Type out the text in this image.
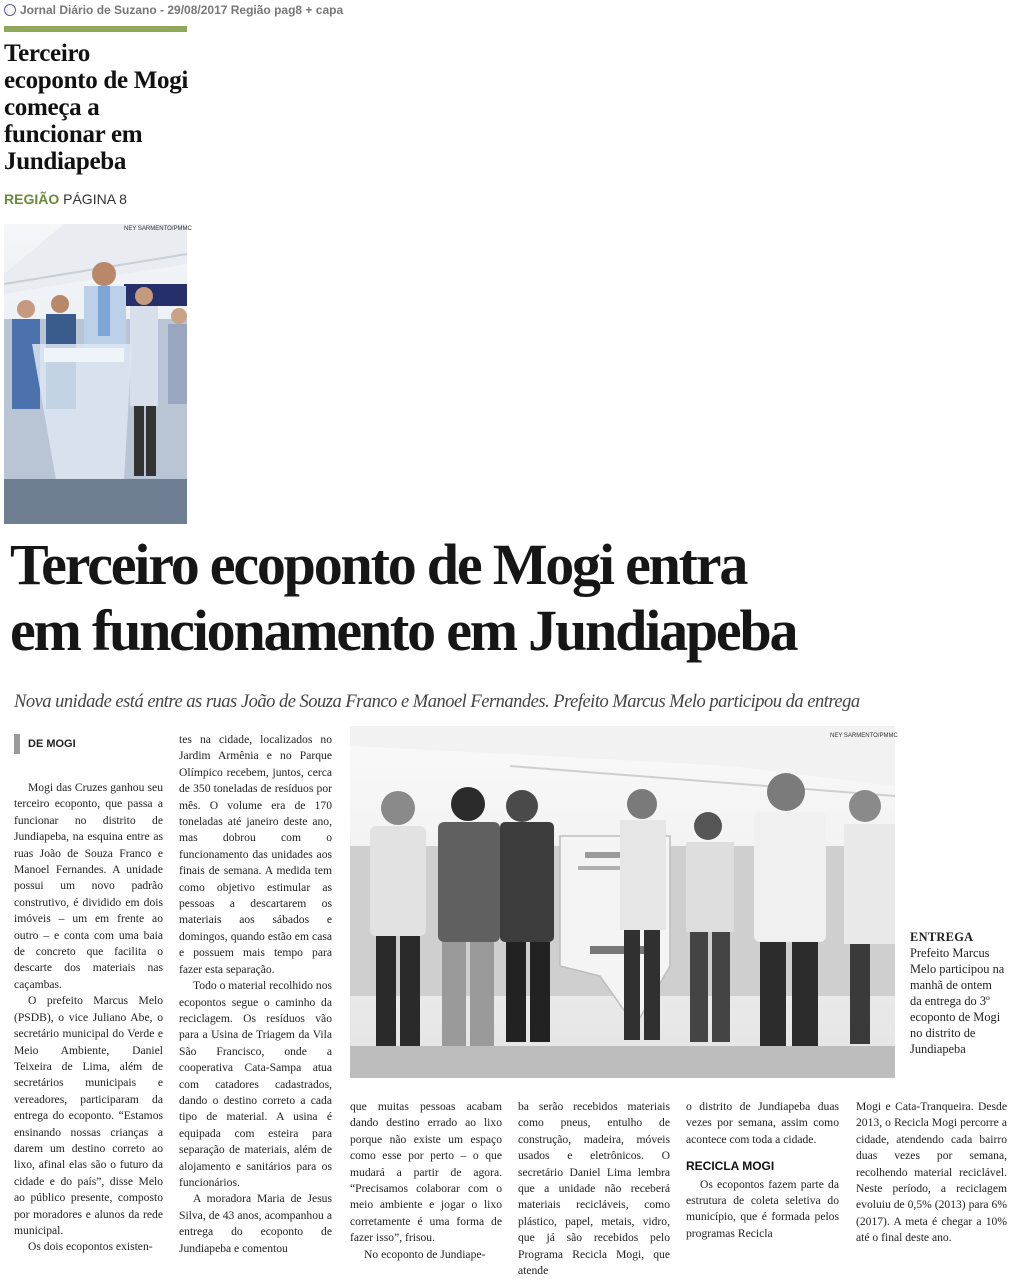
Jornal Diário de Suzano - 29/08/2017 Região pag8 + capa
Terceiro ecoponto de Mogi começa a funcionar em Jundiapeba
REGIÃO PÁGINA 8
NEY SARMENTO/PMMC
Terceiro ecoponto de Mogi entra
em funcionamento em Jundiapeba
Nova unidade está entre as ruas João de Souza Franco e Manoel Fernandes. Prefeito Marcus Melo participou da entrega
DE MOGI

Mogi das Cruzes ganhou seu terceiro ecoponto, que passa a funcionar no distrito de Jundiapeba, na esquina entre as ruas João de Souza Franco e Manoel Fernandes. A unidade possui um novo padrão construtivo, é dividido em dois imóveis – um em frente ao outro – e conta com uma baia de concreto que facilita o descarte dos materiais nas caçambas.

O prefeito Marcus Melo (PSDB), o vice Juliano Abe, o secretário municipal do Verde e Meio Ambiente, Daniel Teixeira de Lima, além de secretários municipais e vereadores, participaram da entrega do ecoponto. “Estamos ensinando nossas crianças a darem um destino correto ao lixo, afinal elas são o futuro da cidade e do país”, disse Melo ao público presente, composto por moradores e alunos da rede municipal.

Os dois ecopontos existen-

tes na cidade, localizados no Jardim Armênia e no Parque Olímpico recebem, juntos, cerca de 350 toneladas de resíduos por mês. O volume era de 170 toneladas até janeiro deste ano, mas dobrou com o funcionamento das unidades aos finais de semana. A medida tem como objetivo estimular as pessoas a descartarem os materiais aos sábados e domingos, quando estão em casa e possuem mais tempo para fazer esta separação.

Todo o material recolhido nos ecopontos segue o caminho da reciclagem. Os resíduos vão para a Usina de Triagem da Vila São Francisco, onde a cooperativa Cata-Sampa atua com catadores cadastrados, dando o destino correto a cada tipo de material. A usina é equipada com esteira para separação de materiais, além de alojamento e sanitários para os funcionários.

A moradora Maria de Jesus Silva, de 43 anos, acompanhou a entrega do ecoponto de Jundiapeba e comentou

NEY SARMENTO/PMMC
ENTREGA
Prefeito Marcus Melo participou na manhã de ontem da entrega do 3º ecoponto de Mogi no distrito de Jundiapeba

que muitas pessoas acabam dando destino errado ao lixo porque não existe um espaço como esse por perto – o que mudará a partir de agora. “Precisamos colaborar com o meio ambiente e jogar o lixo corretamente é uma forma de fazer isso”, frisou.

No ecoponto de Jundiape-

ba serão recebidos materiais como pneus, entulho de construção, madeira, móveis usados e eletrônicos. O secretário Daniel Lima lembra que a unidade não receberá materiais recicláveis, como plástico, papel, metais, vidro, que já são recebidos pelo Programa Recicla Mogi, que atende

o distrito de Jundiapeba duas vezes por semana, assim como acontece com toda a cidade.

RECICLA MOGI

Os ecopontos fazem parte da estrutura de coleta seletiva do município, que é formada pelos programas Recicla

Mogi e Cata-Tranqueira. Desde 2013, o Recicla Mogi percorre a cidade, atendendo cada bairro duas vezes por semana, recolhendo material reciclável. Neste período, a reciclagem evoluiu de 0,5% (2013) para 6% (2017). A meta é chegar a 10% até o final deste ano.
